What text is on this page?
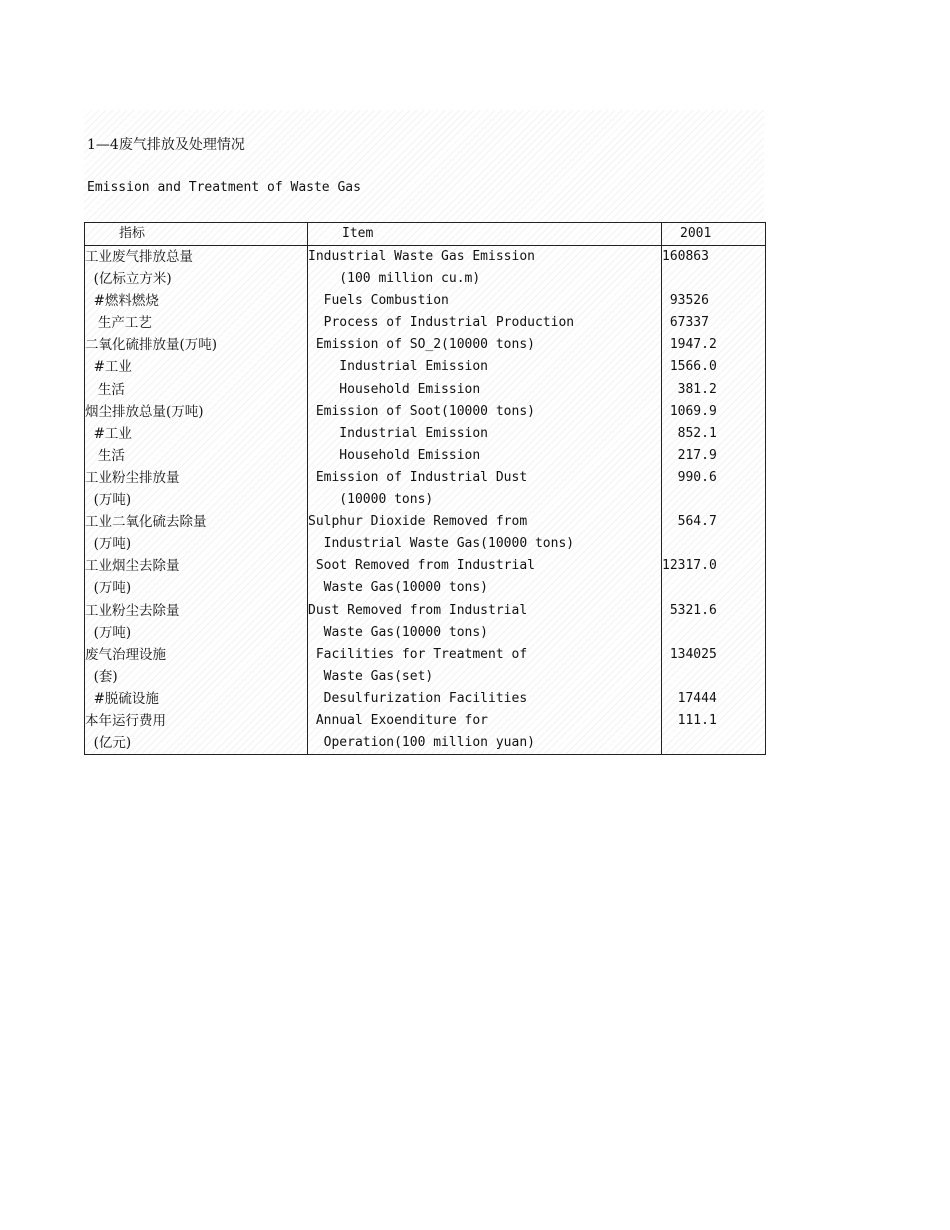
1—4废气排放及处理情况
Emission and Treatment of Waste Gas
指标	Item	2001
工业废气排放总量	Industrial Waste Gas Emission	160863
(亿标立方米)	(100 million cu.m)
#燃料燃烧	Fuels Combustion	93526
生产工艺	Process of Industrial Production	67337
二氧化硫排放量(万吨)	Emission of SO_2(10000 tons)	1947.2
#工业	Industrial Emission	1566.0
生活	Household Emission	381.2
烟尘排放总量(万吨)	Emission of Soot(10000 tons)	1069.9
#工业	Industrial Emission	852.1
生活	Household Emission	217.9
工业粉尘排放量	Emission of Industrial Dust	990.6
(万吨)	(10000 tons)
工业二氧化硫去除量	Sulphur Dioxide Removed from	564.7
(万吨)	Industrial Waste Gas(10000 tons)
工业烟尘去除量	Soot Removed from Industrial	12317.0
(万吨)	Waste Gas(10000 tons)
工业粉尘去除量	Dust Removed from Industrial	5321.6
(万吨)	Waste Gas(10000 tons)
废气治理设施	Facilities for Treatment of	134025
(套)	Waste Gas(set)
#脱硫设施	Desulfurization Facilities	17444
本年运行费用	Annual Exoenditure for	111.1
(亿元)	Operation(100 million yuan)
